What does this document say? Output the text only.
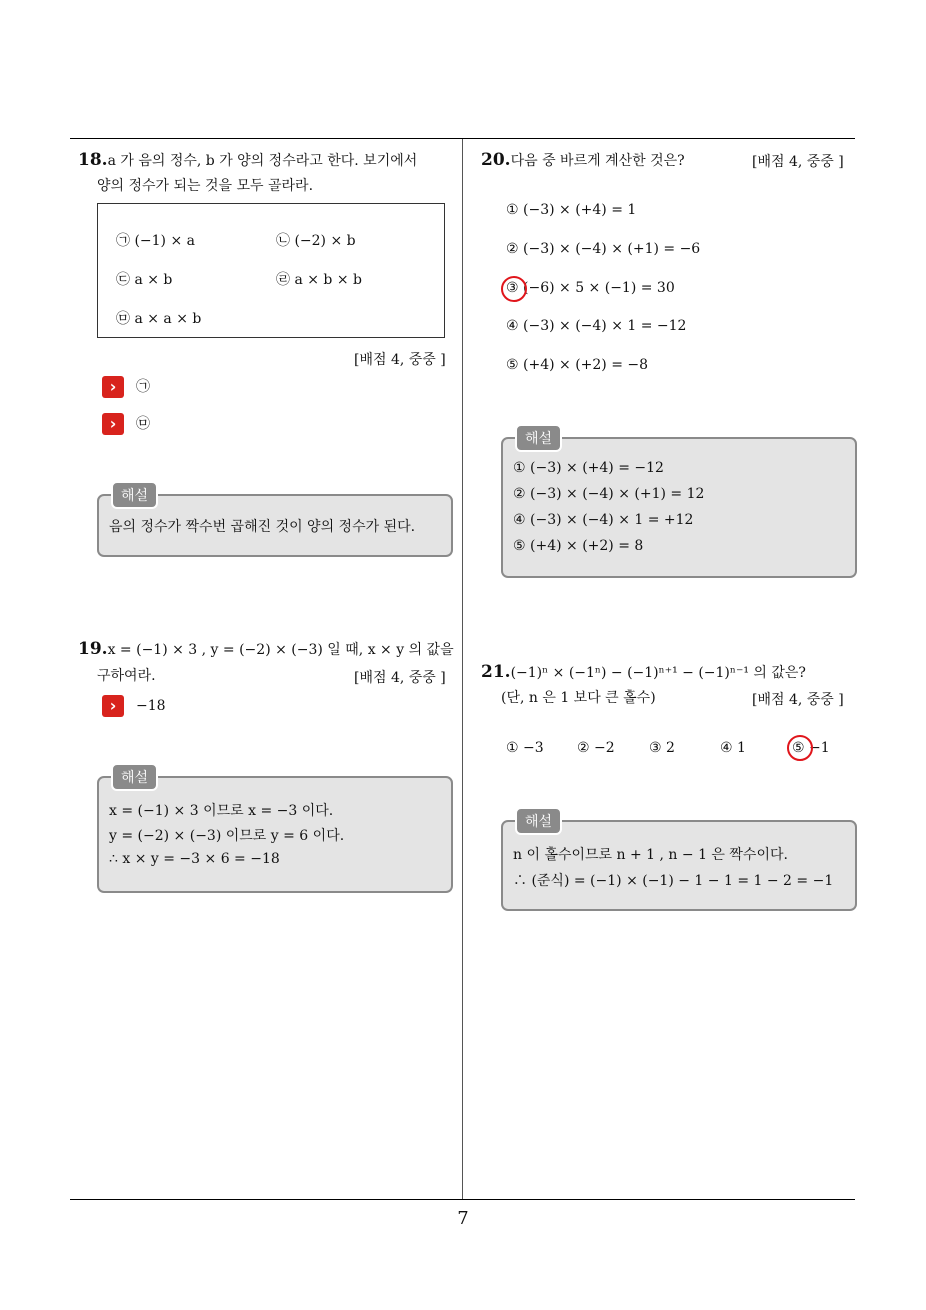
7
18.a 가 음의 정수, b 가 양의 정수라고 한다. 보기에서
양의 정수가 되는 것을 모두 골라라.
㉠ (−1) × a	㉡ (−2) × b
㉢ a × b	㉣ a × b × b
㉤ a × a × b
[배점 4, 중중 ]
› ㉠
› ㉤
해설
음의 정수가 짝수번 곱해진 것이 양의 정수가 된다.
19.x = (−1) × 3 , y = (−2) × (−3) 일 때, x × y 의 값을
구하여라.	[배점 4, 중중 ]
› −18
해설
x = (−1) × 3 이므로 x = −3 이다.
y = (−2) × (−3) 이므로 y = 6 이다.
∴ x × y = −3 × 6 = −18
20.다음 중 바르게 계산한 것은?	[배점 4, 중중 ]
① (−3) × (+4) = 1
② (−3) × (−4) × (+1) = −6
③ (−6) × 5 × (−1) = 30
④ (−3) × (−4) × 1 = −12
⑤ (+4) × (+2) = −8
해설
① (−3) × (+4) = −12
② (−3) × (−4) × (+1) = 12
④ (−3) × (−4) × 1 = +12
⑤ (+4) × (+2) = 8
21.(−1)ⁿ × (−1ⁿ) − (−1)ⁿ⁺¹ − (−1)ⁿ⁻¹ 의 값은?
(단, n 은 1 보다 큰 홀수)	[배점 4, 중중 ]
① −3 ② −2 ③ 2	④ 1	⑤ −1
해설
n 이 홀수이므로 n + 1 , n − 1 은 짝수이다.
∴ (준식) = (−1) × (−1) − 1 − 1 = 1 − 2 = −1
